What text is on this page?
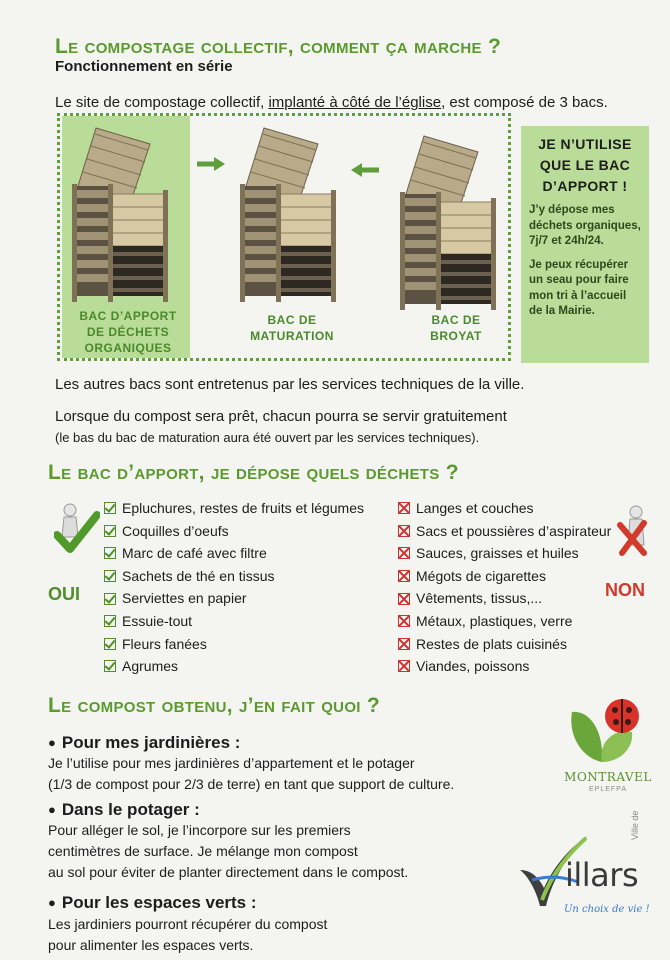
Le compostage collectif, comment ça marche ?
Fonctionnement en série

Le site de compostage collectif, implanté à côté de l’église, est composé de 3 bacs.

BAC D’APPORT
DE DÉCHETS
ORGANIQUES
BAC DE
MATURATION
BAC DE
BROYAT
JE N’UTILISE
QUE LE BAC
D’APPORT !
J’y dépose mes déchets organiques, 7j/7 et 24h/24.
Je peux récupérer un seau pour faire mon tri à l’accueil de la Mairie.

Les autres bacs sont entretenus par les services techniques de la ville.

Lorsque du compost sera prêt, chacun pourra se servir gratuitement

(le bas du bac de maturation aura été ouvert par les services techniques).

Le bac d’apport, je dépose quels déchets ?
OUI
Epluchures, restes de fruits et légumes
Coquilles d’oeufs
Marc de café avec filtre
Sachets de thé en tissus
Serviettes en papier
Essuie-tout
Fleurs fanées
Agrumes
Langes et couches
Sacs et poussières d’aspirateur
Sauces, graisses et huiles
Mégots de cigarettes
Vêtements, tissus,...
Métaux, plastiques, verre
Restes de plats cuisinés
Viandes, poissons
NON
Le compost obtenu, j’en fait quoi ?
● Pour mes jardinières :
Je l’utilise pour mes jardinières d’appartement et le potager
(1/3 de compost pour 2/3 de terre) en tant que support de culture.
● Dans le potager :
Pour alléger le sol, je l’incorpore sur les premiers
centimètres de surface. Je mélange mon compost
au sol pour éviter de planter directement dans le compost.
● Pour les espaces verts :
Les jardiniers pourront récupérer du compost
pour alimenter les espaces verts.
MONTRAVEL
EPLEFPA
Ville de
illars
Un choix de vie !
